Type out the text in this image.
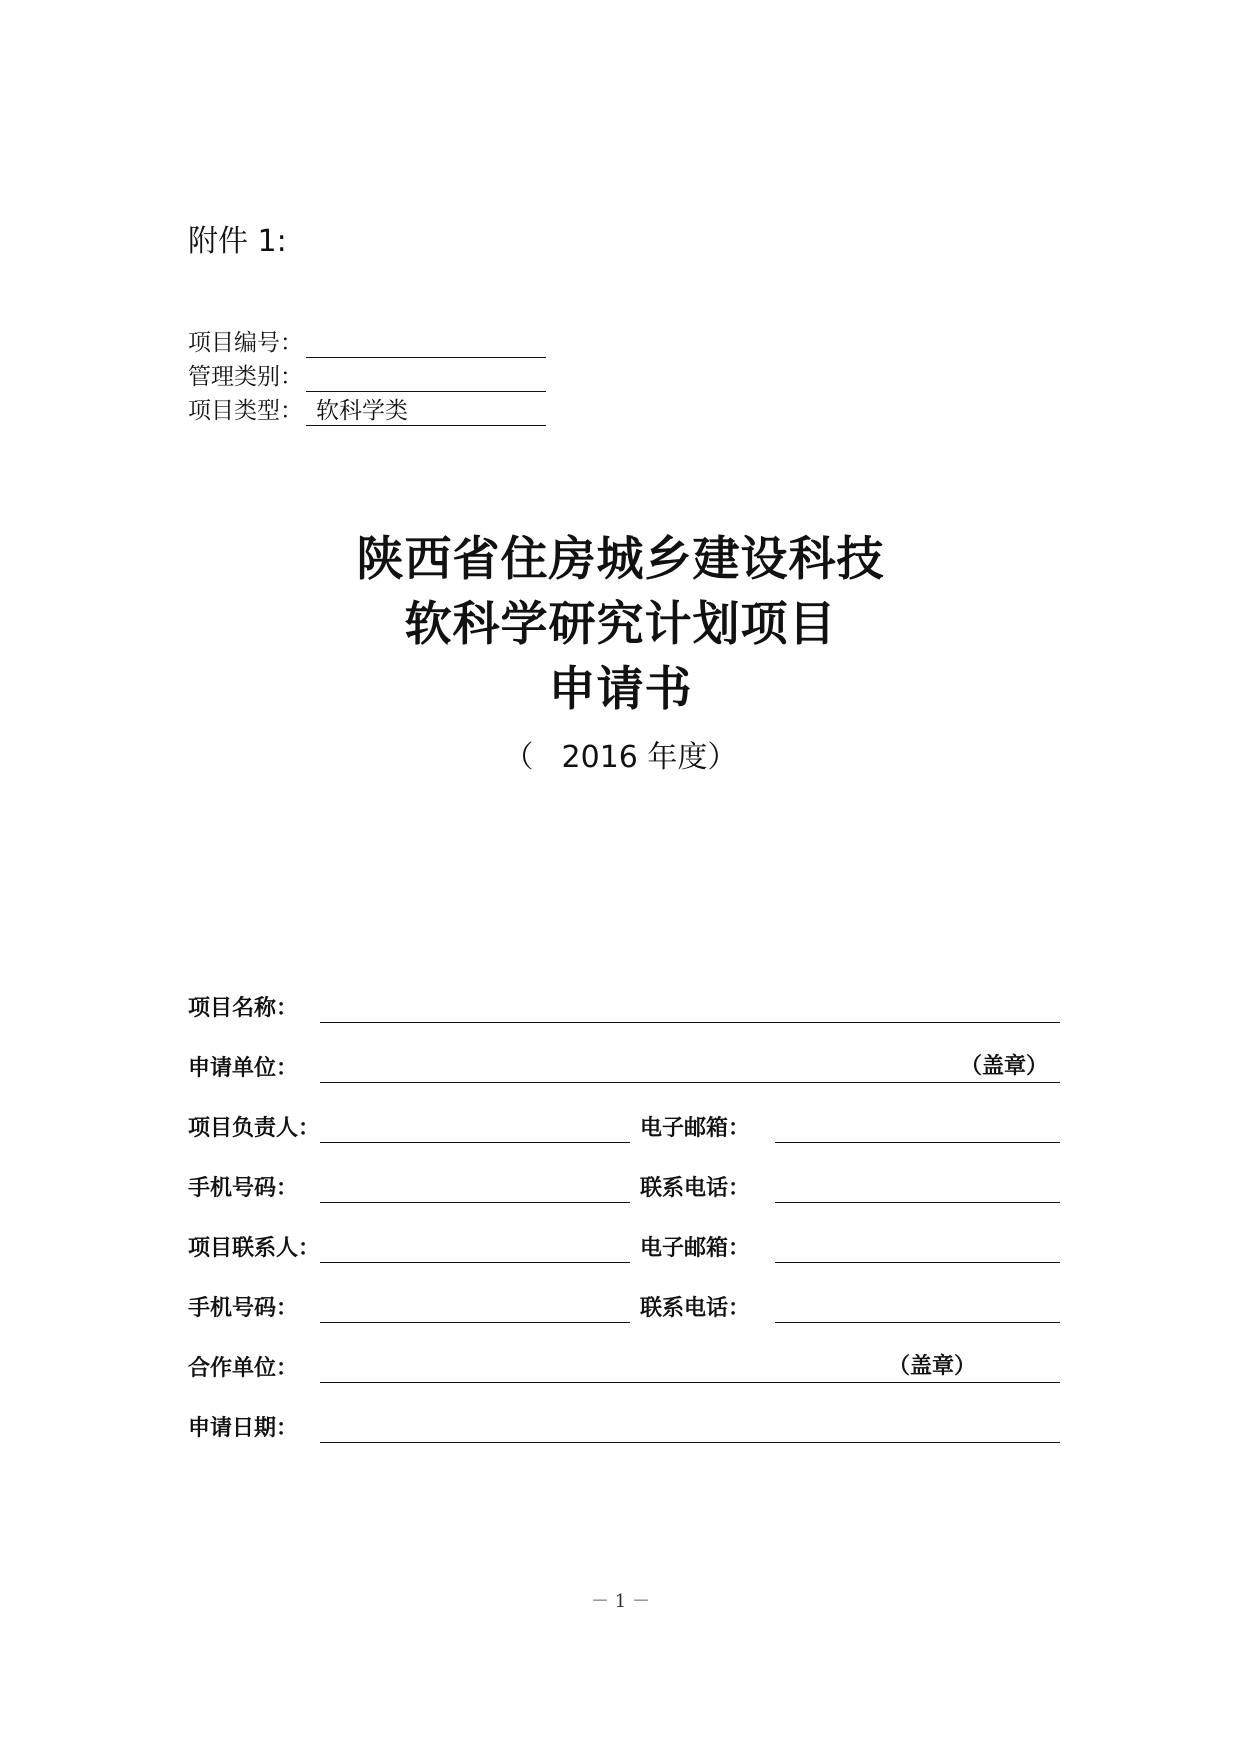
附件 1:
项目编号：
管理类别：
项目类型： 软科学类
陕西省住房城乡建设科技
软科学研究计划项目
申请书
（ 2016 年度）
项目名称：
申请单位：	（盖章）
项目负责人：	电子邮箱：
手机号码：	联系电话：
项目联系人：	电子邮箱：
手机号码：	联系电话：
合作单位：	（盖章）
申请日期：
－ 1 －
